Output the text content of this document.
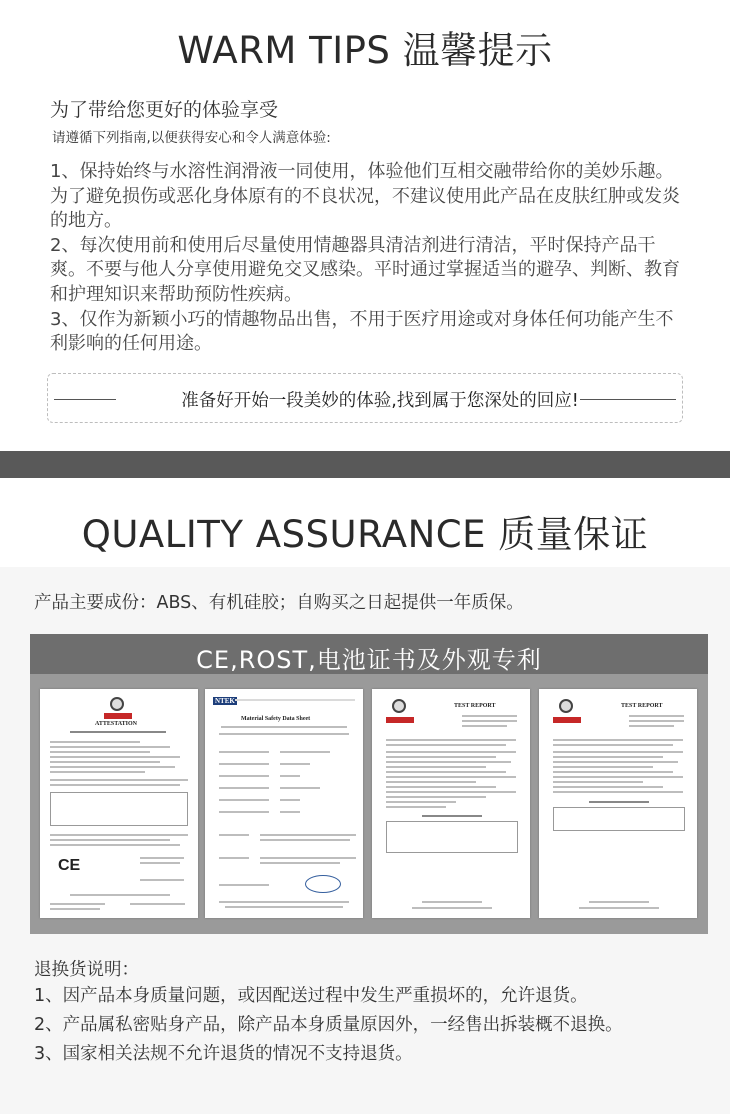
WARM TIPS 温馨提示
为了带给您更好的体验享受
请遵循下列指南,以便获得安心和令人满意体验:

1、保持始终与水溶性润滑液一同使用，体验他们互相交融带给你的美妙乐趣。为了避免损伤或恶化身体原有的不良状况，不建议使用此产品在皮肤红肿或发炎的地方。

2、每次使用前和使用后尽量使用情趣器具清洁剂进行清洁，平时保持产品干爽。不要与他人分享使用避免交叉感染。平时通过掌握适当的避孕、判断、教育和护理知识来帮助预防性疾病。

3、仅作为新颖小巧的情趣物品出售，不用于医疗用途或对身体任何功能产生不利影响的任何用途。

准备好开始一段美妙的体验,找到属于您深处的回应!
QUALITY ASSURANCE 质量保证
产品主要成份：ABS、有机硅胶；自购买之日起提供一年质保。
CE,ROST,电池证书及外观专利
ATTESTATION
CE
NTEK
Material Safety Data Sheet
TEST REPORT	TEST REPORT
退换货说明：

1、因产品本身质量问题，或因配送过程中发生严重损坏的，允许退货。

2、产品属私密贴身产品，除产品本身质量原因外，一经售出拆装概不退换。

3、国家相关法规不允许退货的情况不支持退货。
